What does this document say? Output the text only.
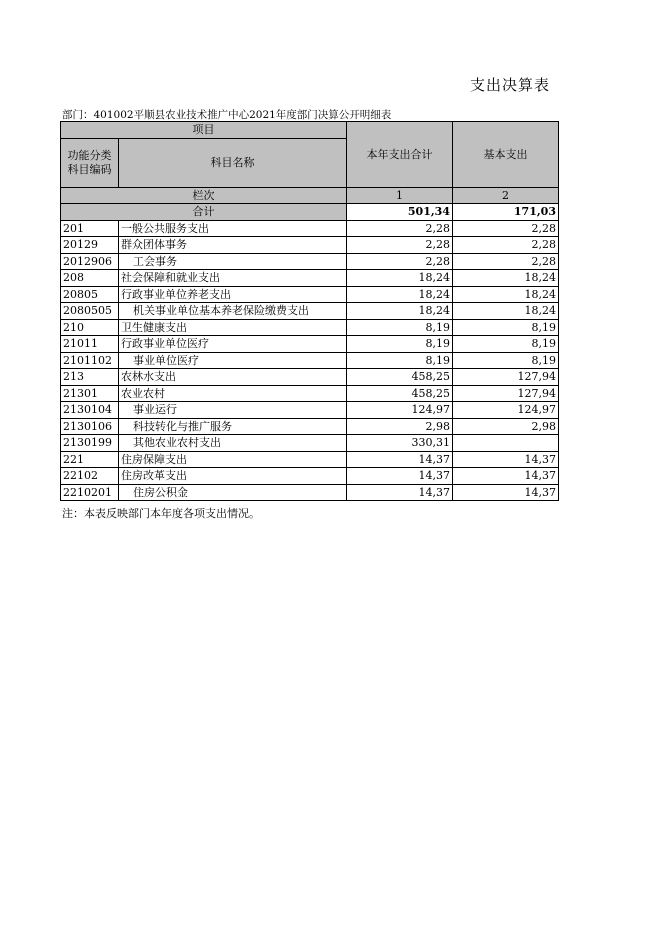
支出决算表
部门：401002平顺县农业技术推广中心2021年度部门决算公开明细表
项目		本年支出合计	基本支出
功能分类
科目编码	科目名称		
栏次		1	2
合计		501,34	171,03
201	一般公共服务支出	2,28	2,28
20129	群众团体事务	2,28	2,28
2012906	工会事务	2,28	2,28
208	社会保障和就业支出	18,24	18,24
20805	行政事业单位养老支出	18,24	18,24
2080505	机关事业单位基本养老保险缴费支出	18,24	18,24
210	卫生健康支出	8,19	8,19
21011	行政事业单位医疗	8,19	8,19
2101102	事业单位医疗	8,19	8,19
213	农林水支出	458,25	127,94
21301	农业农村	458,25	127,94
2130104	事业运行	124,97	124,97
2130106	科技转化与推广服务	2,98	2,98
2130199	其他农业农村支出	330,31	
221	住房保障支出	14,37	14,37
22102	住房改革支出	14,37	14,37
2210201	住房公积金	14,37	14,37
注：本表反映部门本年度各项支出情况。
